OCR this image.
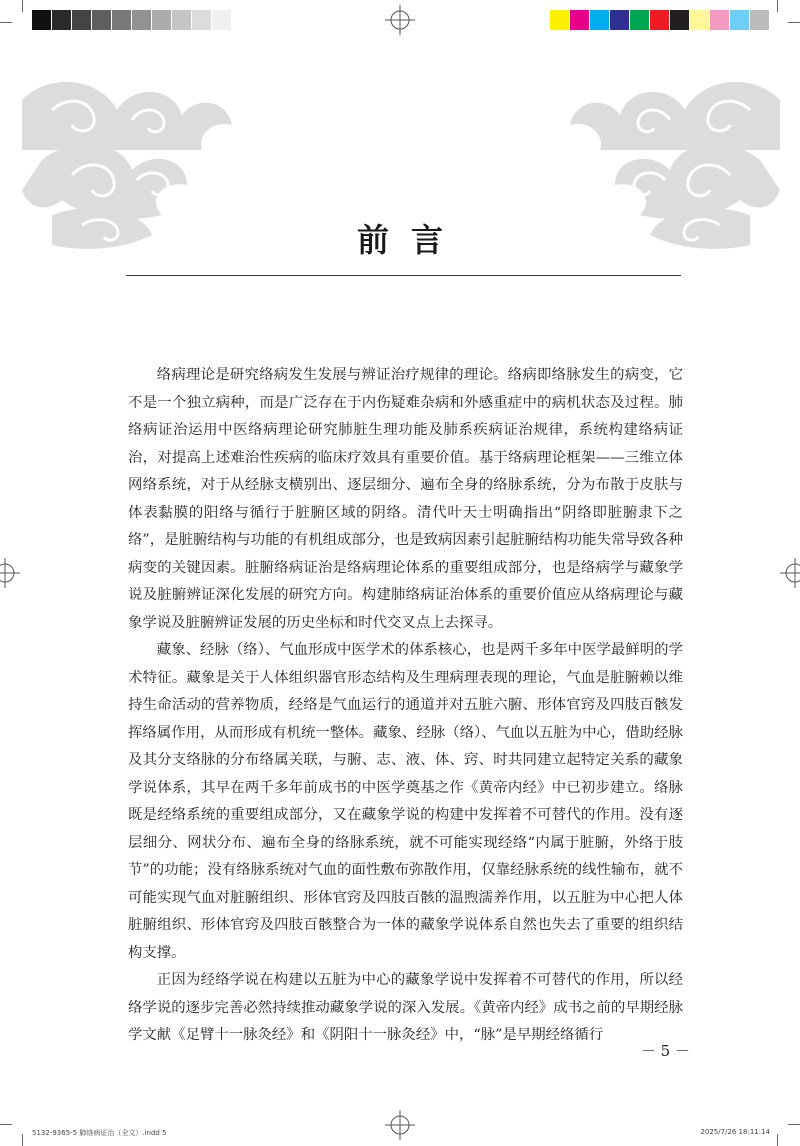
前言

络病理论是研究络病发生发展与辨证治疗规律的理论。络病即络脉发生的病变，它不是一个独立病种，而是广泛存在于内伤疑难杂病和外感重症中的病机状态及过程。肺络病证治运用中医络病理论研究肺脏生理功能及肺系疾病证治规律，系统构建络病证治，对提高上述难治性疾病的临床疗效具有重要价值。基于络病理论框架——三维立体网络系统，对于从经脉支横别出、逐层细分、遍布全身的络脉系统，分为布散于皮肤与体表黏膜的阳络与循行于脏腑区域的阴络。清代叶天士明确指出“阴络即脏腑隶下之络”，是脏腑结构与功能的有机组成部分，也是致病因素引起脏腑结构功能失常导致各种病变的关键因素。脏腑络病证治是络病理论体系的重要组成部分，也是络病学与藏象学说及脏腑辨证深化发展的研究方向。构建肺络病证治体系的重要价值应从络病理论与藏象学说及脏腑辨证发展的历史坐标和时代交叉点上去探寻。

藏象、经脉（络）、气血形成中医学术的体系核心，也是两千多年中医学最鲜明的学术特征。藏象是关于人体组织器官形态结构及生理病理表现的理论，气血是脏腑赖以维持生命活动的营养物质，经络是气血运行的通道并对五脏六腑、形体官窍及四肢百骸发挥络属作用，从而形成有机统一整体。藏象、经脉（络）、气血以五脏为中心，借助经脉及其分支络脉的分布络属关联，与腑、志、液、体、窍、时共同建立起特定关系的藏象学说体系，其早在两千多年前成书的中医学奠基之作《黄帝内经》中已初步建立。络脉既是经络系统的重要组成部分，又在藏象学说的构建中发挥着不可替代的作用。没有逐层细分、网状分布、遍布全身的络脉系统，就不可能实现经络“内属于脏腑，外络于肢节”的功能；没有络脉系统对气血的面性敷布弥散作用，仅靠经脉系统的线性输布，就不可能实现气血对脏腑组织、形体官窍及四肢百骸的温煦濡养作用，以五脏为中心把人体脏腑组织、形体官窍及四肢百骸整合为一体的藏象学说体系自然也失去了重要的组织结构支撑。

正因为经络学说在构建以五脏为中心的藏象学说中发挥着不可替代的作用，所以经络学说的逐步完善必然持续推动藏象学说的深入发展。《黄帝内经》成书之前的早期经脉学文献《足臂十一脉灸经》和《阴阳十一脉灸经》中，“脉”是早期经络循行

－ 5 －
5132-9365-5 肺络病证治（全文）.indd 5	2025/7/26 18:11:14
